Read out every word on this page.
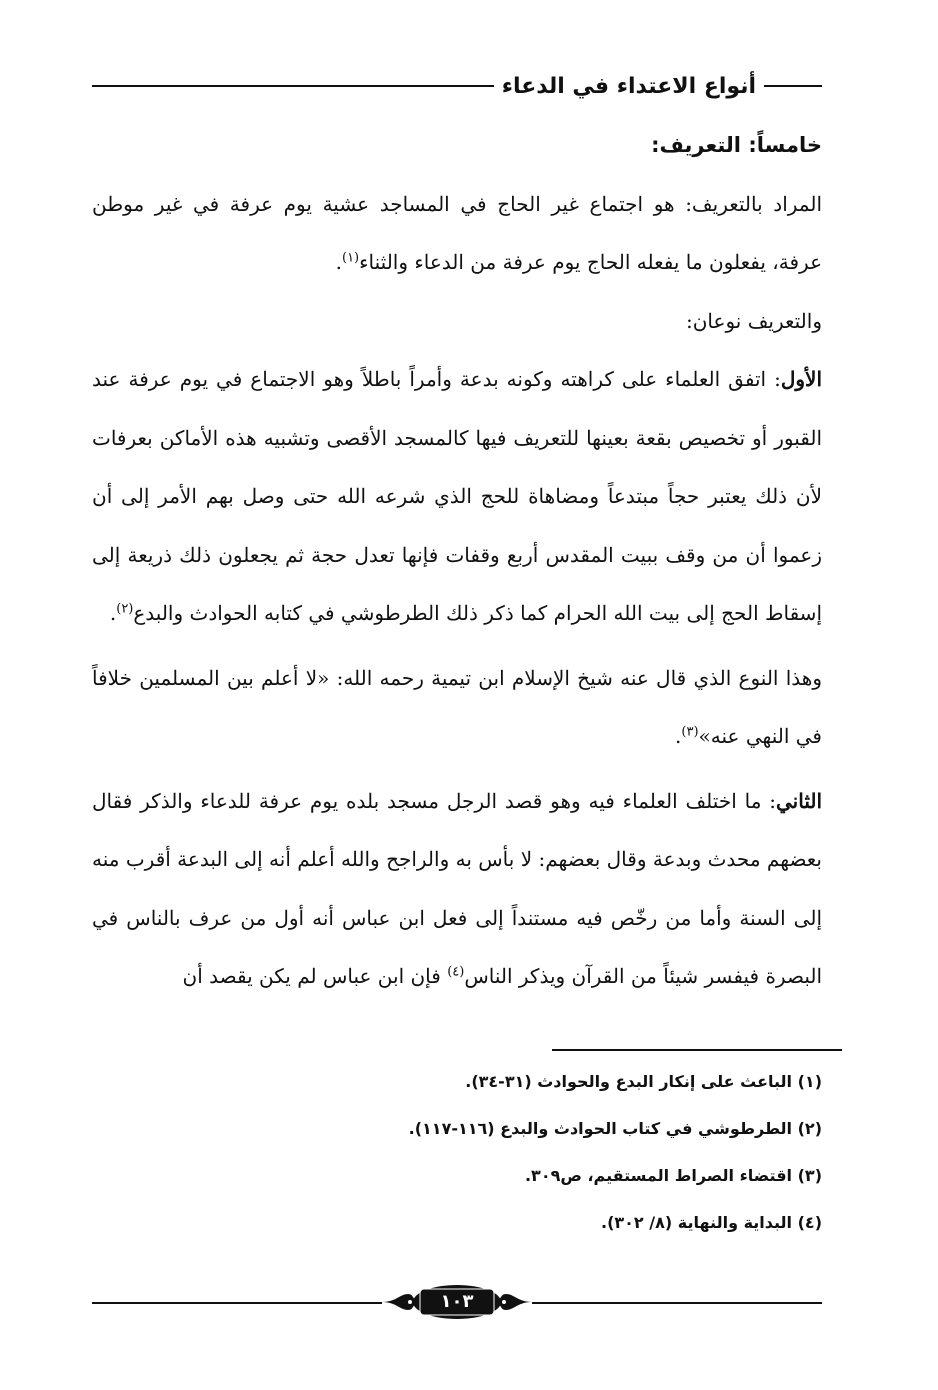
أنواع الاعتداء في الدعاء

خامساً: التعريف:

المراد بالتعريف: هو اجتماع غير الحاج في المساجد عشية يوم عرفة في غير موطن عرفة، يفعلون ما يفعله الحاج يوم عرفة من الدعاء والثناء$^{(١)}$.

والتعريف نوعان:

الأول: اتفق العلماء على كراهته وكونه بدعة وأمراً باطلاً وهو الاجتماع في يوم عرفة عند القبور أو تخصيص بقعة بعينها للتعريف فيها كالمسجد الأقصى وتشبيه هذه الأماكن بعرفات لأن ذلك يعتبر حجاً مبتدعاً ومضاهاة للحج الذي شرعه الله حتى وصل بهم الأمر إلى أن زعموا أن من وقف ببيت المقدس أربع وقفات فإنها تعدل حجة ثم يجعلون ذلك ذريعة إلى إسقاط الحج إلى بيت الله الحرام كما ذكر ذلك الطرطوشي في كتابه الحوادث والبدع$^{(٢)}$.

وهذا النوع الذي قال عنه شيخ الإسلام ابن تيمية رحمه الله: «لا أعلم بين المسلمين خلافاً في النهي عنه»$^{(٣)}$.

الثاني: ما اختلف العلماء فيه وهو قصد الرجل مسجد بلده يوم عرفة للدعاء والذكر فقال بعضهم محدث وبدعة وقال بعضهم: لا بأس به والراجح والله أعلم أنه إلى البدعة أقرب منه إلى السنة وأما من رخّص فيه مستنداً إلى فعل ابن عباس أنه أول من عرف بالناس في البصرة فيفسر شيئاً من القرآن ويذكر الناس$^{(٤)}$ فإن ابن عباس لم يكن يقصد أن

(١) الباعث على إنكار البدع والحوادث (٣١-٣٤).

(٢) الطرطوشي في كتاب الحوادث والبدع (١١٦-١١٧).

(٣) اقتضاء الصراط المستقيم، ص٣٠٩.

(٤) البداية والنهاية (٨/ ٣٠٢).

١٠٣
